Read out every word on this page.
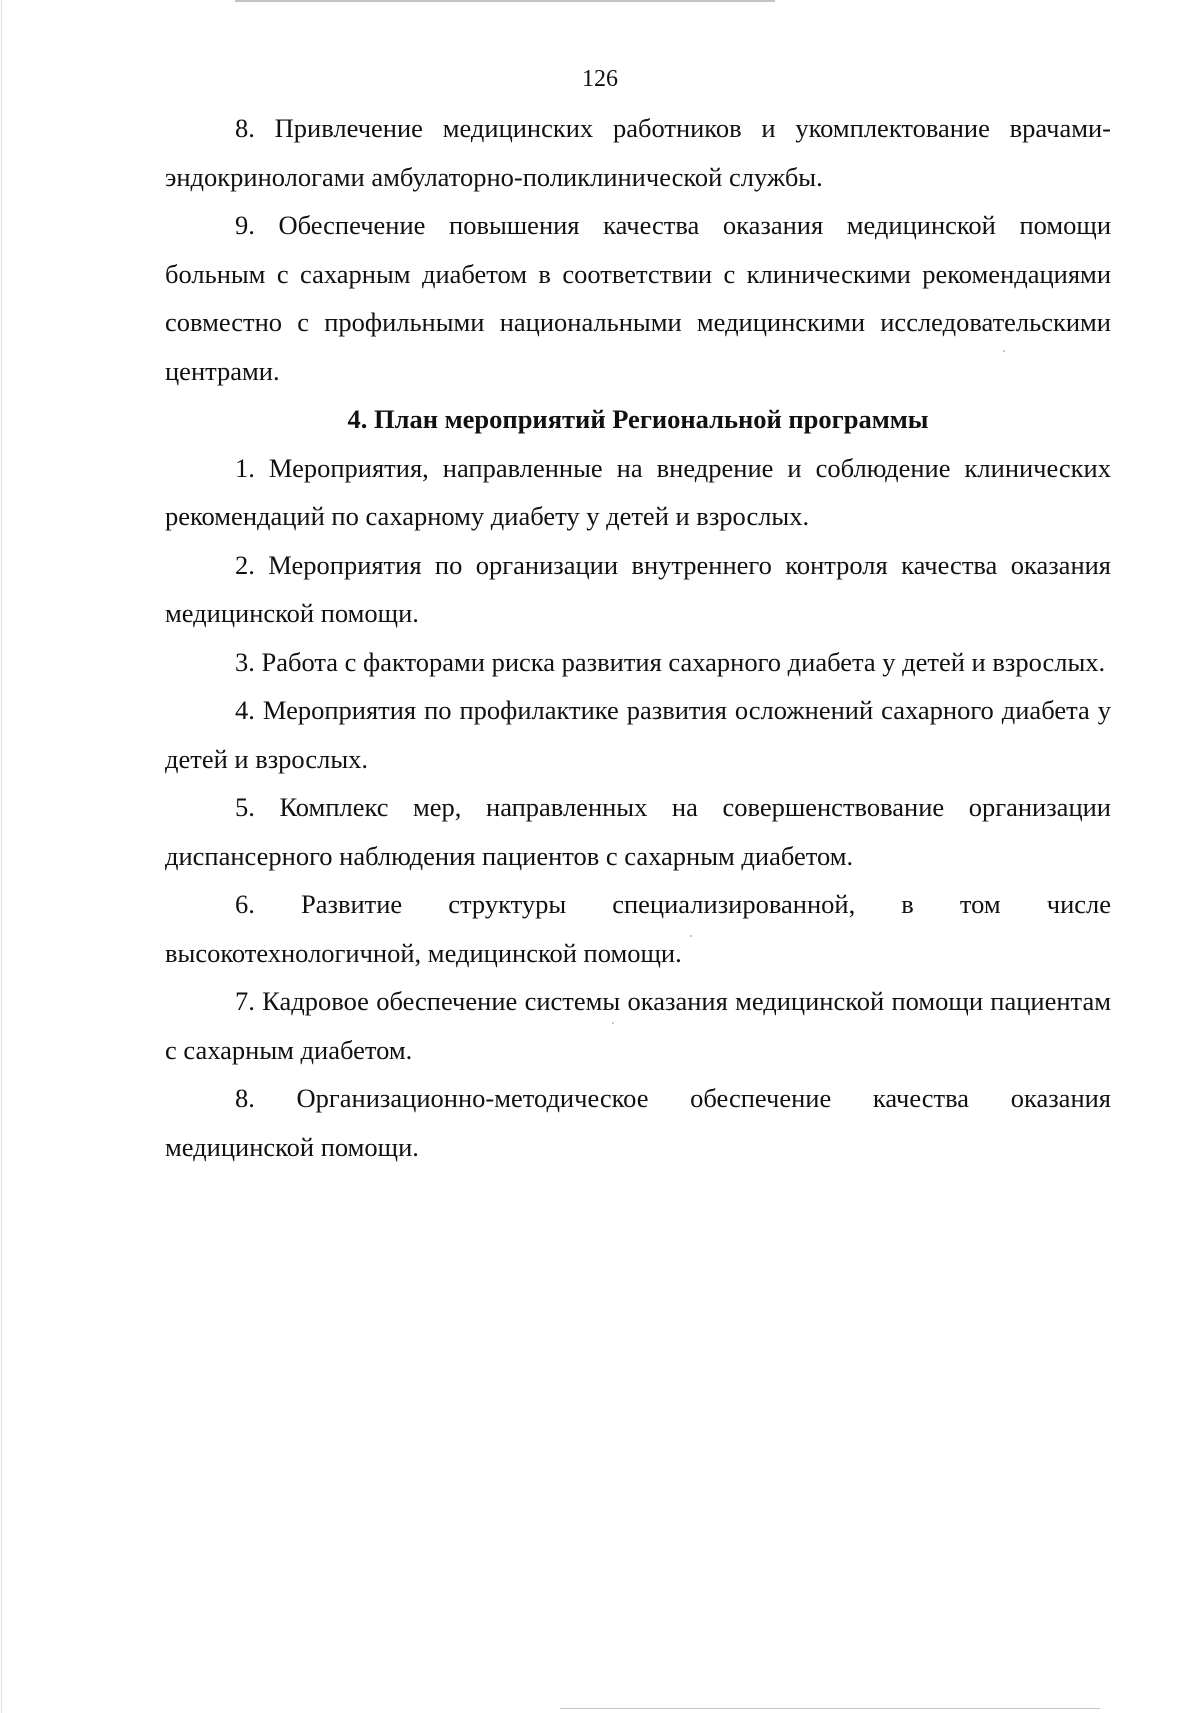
126

8. Привлечение медицинских работников и укомплектование врачами-эндокринологами амбулаторно-поликлинической службы.

9. Обеспечение повышения качества оказания медицинской помощи больным с сахарным диабетом в соответствии с клиническими рекомендациями совместно с профильными национальными медицинскими исследовательскими центрами.

4. План мероприятий Региональной программы

1. Мероприятия, направленные на внедрение и соблюдение клинических рекомендаций по сахарному диабету у детей и взрослых.

2. Мероприятия по организации внутреннего контроля качества оказания медицинской помощи.

3. Работа с факторами риска развития сахарного диабета у детей и взрослых.

4. Мероприятия по профилактике развития осложнений сахарного диабета у детей и взрослых.

5. Комплекс мер, направленных на совершенствование организации диспансерного наблюдения пациентов с сахарным диабетом.

6. Развитие структуры специализированной, в том числе высокотехнологичной, медицинской помощи.

7. Кадровое обеспечение системы оказания медицинской помощи пациентам с сахарным диабетом.

8. Организационно-методическое обеспечение качества оказания медицинской помощи.
